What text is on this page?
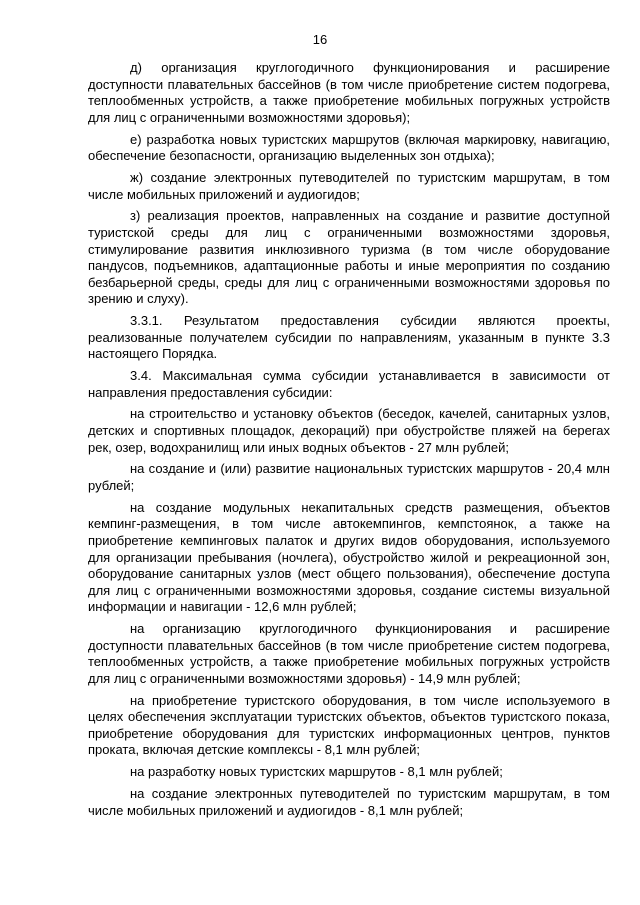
16

д) организация круглогодичного функционирования и расширение доступности плавательных бассейнов (в том числе приобретение систем подогрева, теплообменных устройств, а также приобретение мобильных погружных устройств для лиц с ограниченными возможностями здоровья);

е) разработка новых туристских маршрутов (включая маркировку, навигацию, обеспечение безопасности, организацию выделенных зон отдыха);

ж) создание электронных путеводителей по туристским маршрутам, в том числе мобильных приложений и аудиогидов;

з) реализация проектов, направленных на создание и развитие доступной туристской среды для лиц с ограниченными возможностями здоровья, стимулирование развития инклюзивного туризма (в том числе оборудование пандусов, подъемников, адаптационные работы и иные мероприятия по созданию безбарьерной среды, среды для лиц с ограниченными возможностями здоровья по зрению и слуху).

3.3.1. Результатом предоставления субсидии являются проекты, реализованные получателем субсидии по направлениям, указанным в пункте 3.3 настоящего Порядка.

3.4. Максимальная сумма субсидии устанавливается в зависимости от направления предоставления субсидии:

на строительство и установку объектов (беседок, качелей, санитарных узлов, детских и спортивных площадок, декораций) при обустройстве пляжей на берегах рек, озер, водохранилищ или иных водных объектов - 27 млн рублей;

на создание и (или) развитие национальных туристских маршрутов - 20,4 млн рублей;

на создание модульных некапитальных средств размещения, объектов кемпинг-размещения, в том числе автокемпингов, кемпстоянок, а также на приобретение кемпинговых палаток и других видов оборудования, используемого для организации пребывания (ночлега), обустройство жилой и рекреационной зон, оборудование санитарных узлов (мест общего пользования), обеспечение доступа для лиц с ограниченными возможностями здоровья, создание системы визуальной информации и навигации - 12,6 млн рублей;

на организацию круглогодичного функционирования и расширение доступности плавательных бассейнов (в том числе приобретение систем подогрева, теплообменных устройств, а также приобретение мобильных погружных устройств для лиц с ограниченными возможностями здоровья) - 14,9 млн рублей;

на приобретение туристского оборудования, в том числе используемого в целях обеспечения эксплуатации туристских объектов, объектов туристского показа, приобретение оборудования для туристских информационных центров, пунктов проката, включая детские комплексы - 8,1 млн рублей;

на разработку новых туристских маршрутов - 8,1 млн рублей;

на создание электронных путеводителей по туристским маршрутам, в том числе мобильных приложений и аудиогидов - 8,1 млн рублей;
